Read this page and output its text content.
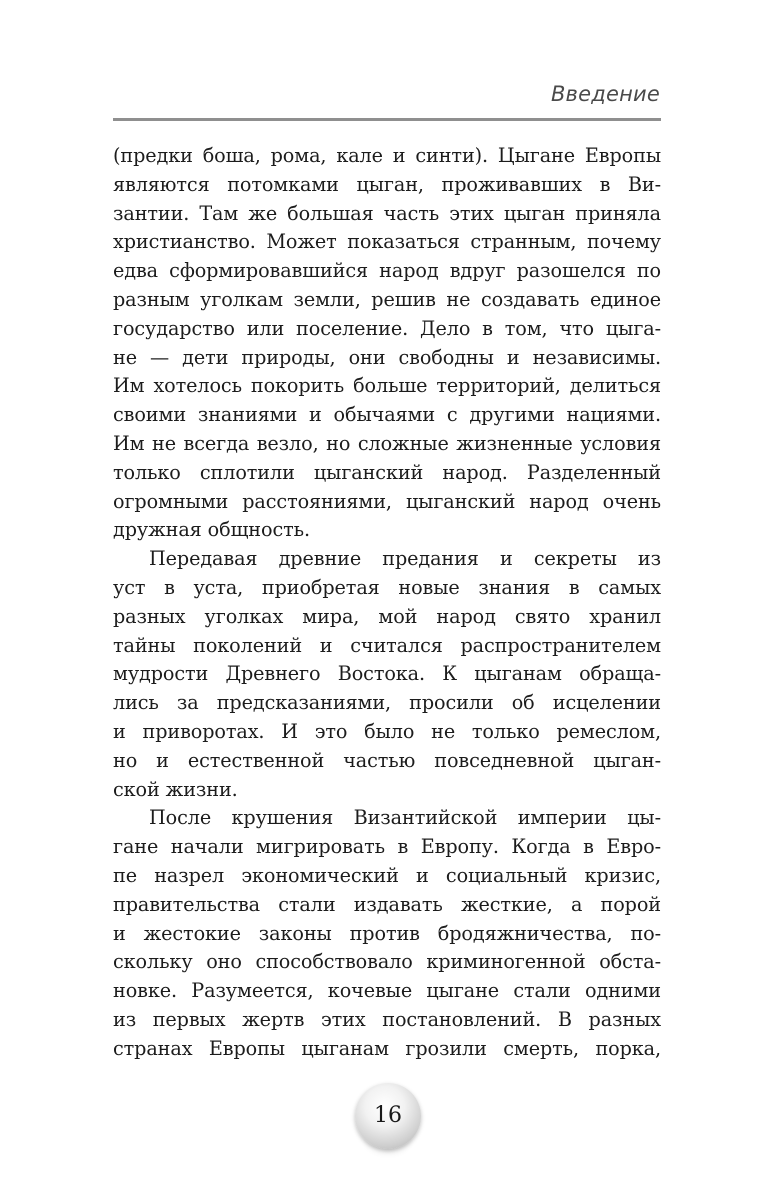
Введение
(предки боша, рома, кале и синти). Цыгане Европы
являются потомками цыган, проживавших в Ви-
зантии. Там же большая часть этих цыган приняла
христианство. Может показаться странным, почему
едва сформировавшийся народ вдруг разошелся по
разным уголкам земли, решив не создавать единое
государство или поселение. Дело в том, что цыга-
не — дети природы, они свободны и независимы.
Им хотелось покорить больше территорий, делиться
своими знаниями и обычаями с другими нациями.
Им не всегда везло, но сложные жизненные условия
только сплотили цыганский народ. Разделенный
огромными расстояниями, цыганский народ очень
дружная общность.
Передавая древние предания и секреты из
уст в уста, приобретая новые знания в самых
разных уголках мира, мой народ свято хранил
тайны поколений и считался распространителем
мудрости Древнего Востока. К цыганам обраща-
лись за предсказаниями, просили об исцелении
и приворотах. И это было не только ремеслом,
но и естественной частью повседневной цыган-
ской жизни.
После крушения Византийской империи цы-
гане начали мигрировать в Европу. Когда в Евро-
пе назрел экономический и социальный кризис,
правительства стали издавать жесткие, а порой
и жестокие законы против бродяжничества, по-
скольку оно способствовало криминогенной обста-
новке. Разумеется, кочевые цыгане стали одними
из первых жертв этих постановлений. В разных
странах Европы цыганам грозили смерть, порка,
16
